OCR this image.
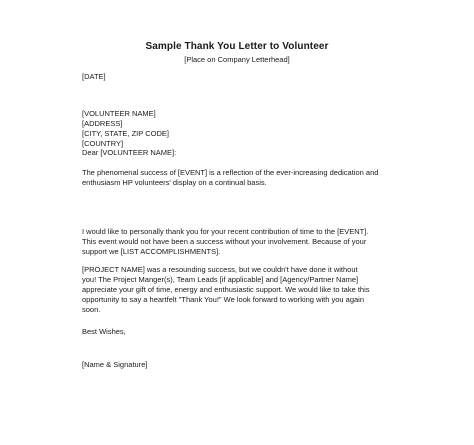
Sample Thank You Letter to Volunteer
[Place on Company Letterhead]
[DATE]
[VOLUNTEER NAME]
[ADDRESS]
[CITY, STATE, ZIP CODE]
[COUNTRY]
Dear [VOLUNTEER NAME]:
The phenomenal success of [EVENT] is a reflection of the ever-increasing dedication and
enthusiasm HP volunteers' display on a continual basis.
I would like to personally thank you for your recent contribution of time to the [EVENT].
This event would not have been a success without your involvement. Because of your
support we [LIST ACCOMPLISHMENTS].
[PROJECT NAME] was a resounding success, but we couldn't have done it without
you! The Project Manger(s), Team Leads [if applicable] and [Agency/Partner Name]
appreciate your gift of time, energy and enthusiastic support. We would like to take this
opportunity to say a heartfelt "Thank You!" We look forward to working with you again
soon.
Best Wishes,
[Name & Signature]
